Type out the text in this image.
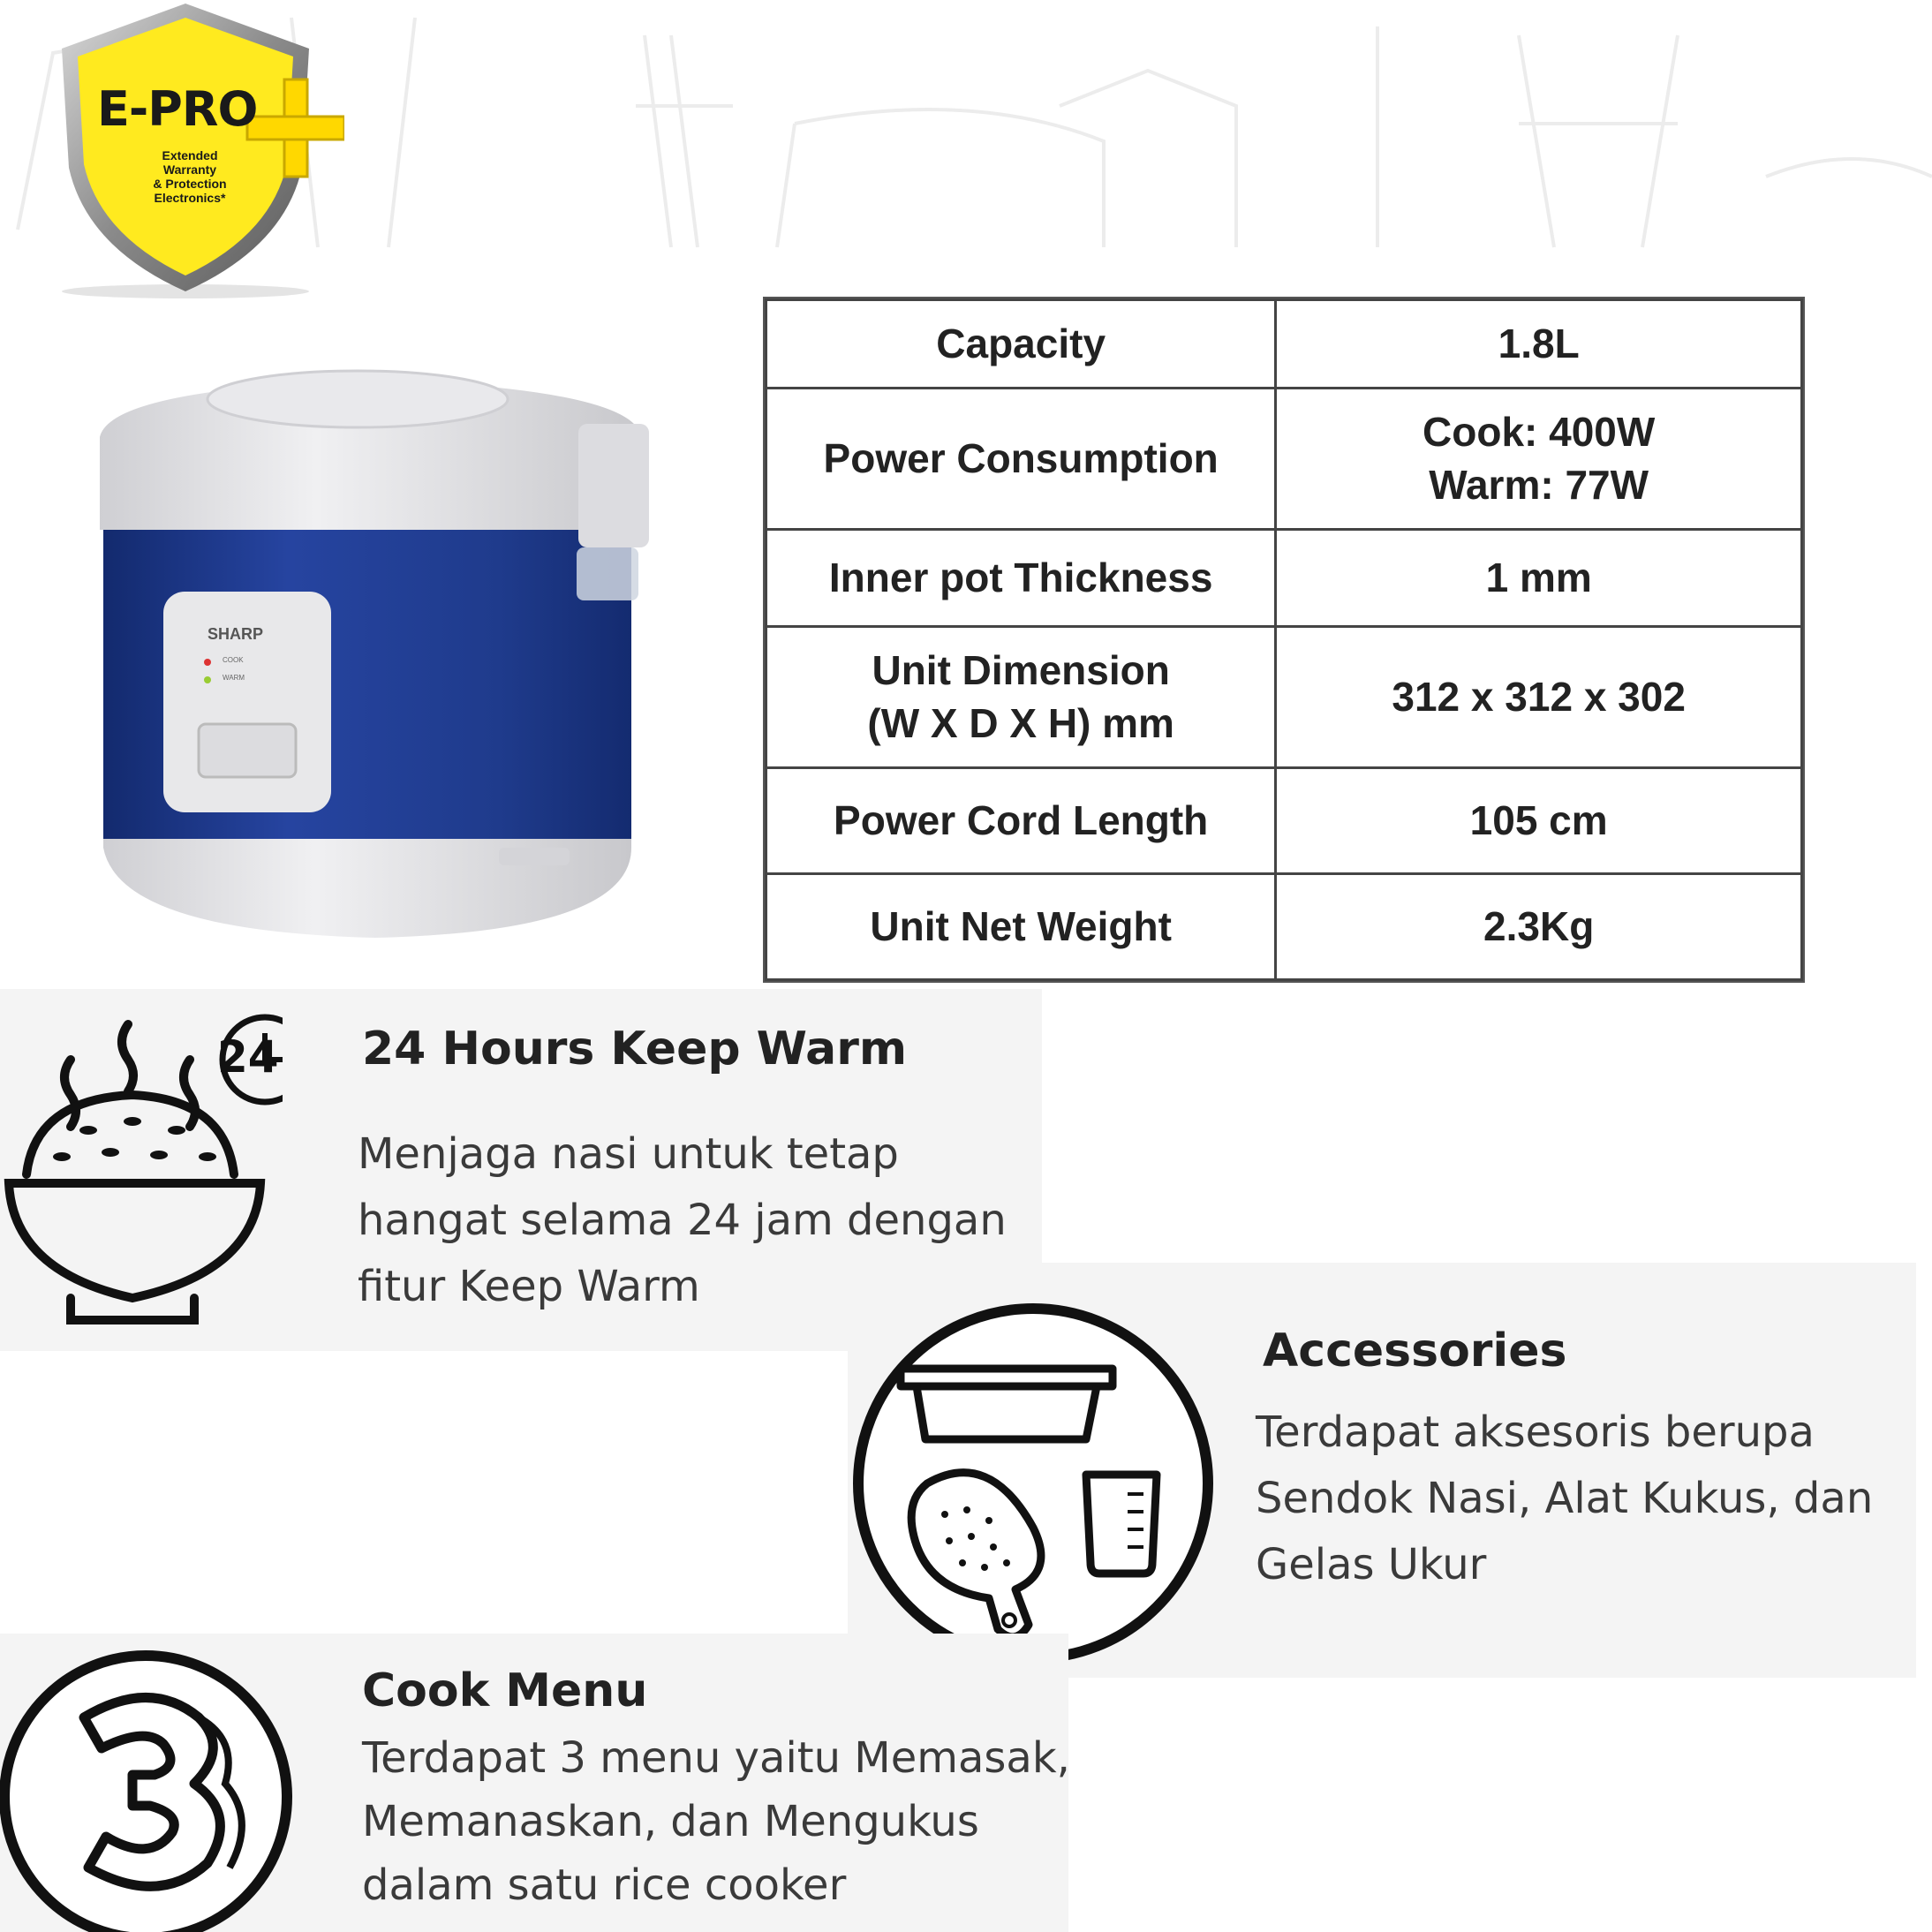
E-PRO
Extended
Warranty
& Protection
Electronics*
SHARP
COOK
WARM
Capacity	1.8L
Power Consumption	Cook: 400W
Warm: 77W
Inner pot Thickness	1 mm
Unit Dimension
(W X D X H) mm	312 x 312 x 302
Power Cord Length	105 cm
Unit Net Weight	2.3Kg
24 24 Hours Keep Warm
Menjaga nasi untuk tetap
hangat selama 24 jam dengan
fitur Keep Warm
Accessories
Terdapat aksesoris berupa
Sendok Nasi, Alat Kukus, dan
Gelas Ukur
Cook Menu
Terdapat 3 menu yaitu Memasak,
Memanaskan, dan Mengukus
dalam satu rice cooker
